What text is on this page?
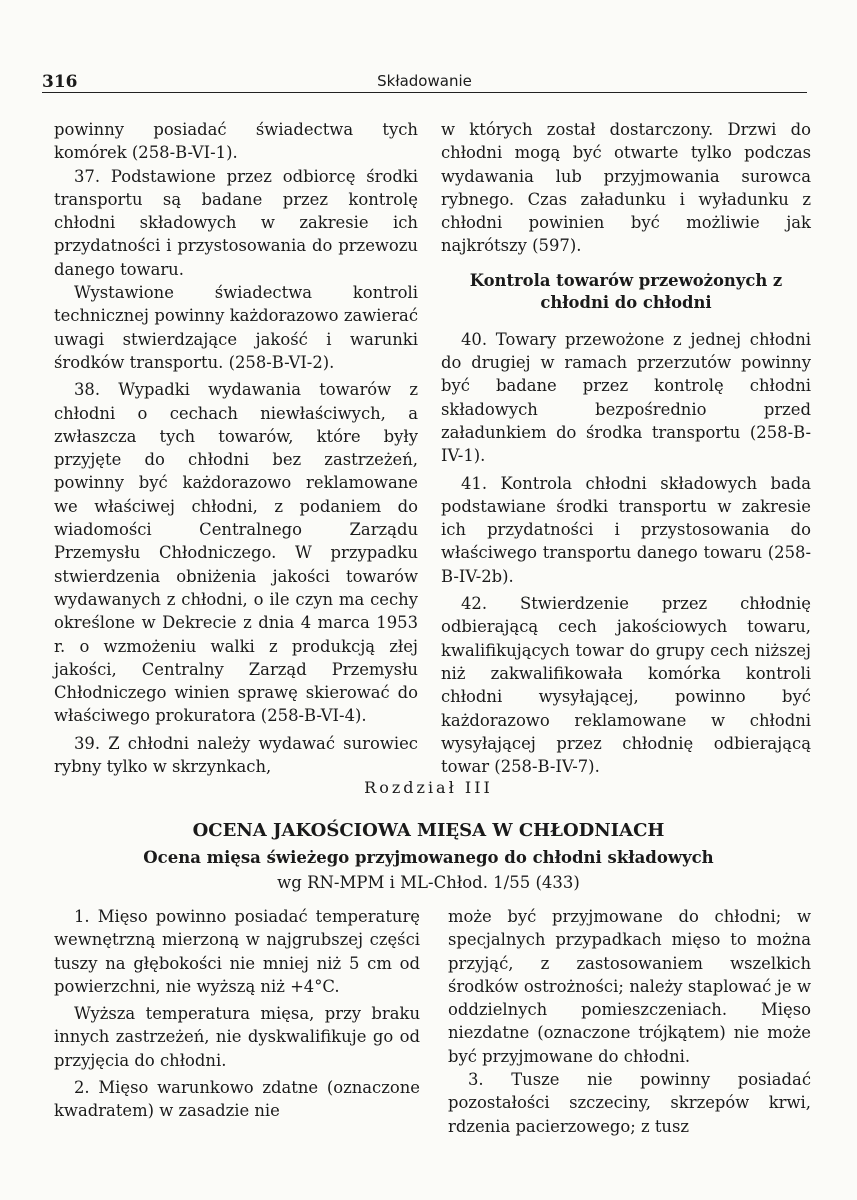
316	Składowanie

powinny posiadać świadectwa tych komórek (258-B-VI-1).

37. Podstawione przez odbiorcę środki transportu są badane przez kontrolę chłodni składowych w zakresie ich przydatności i przystosowania do przewozu danego towaru.

Wystawione świadectwa kontroli technicznej powinny każdorazowo zawierać uwagi stwierdzające jakość i warunki środków transportu. (258-B-VI-2).

38. Wypadki wydawania towarów z chłodni o cechach niewłaściwych, a zwłaszcza tych towarów, które były przyjęte do chłodni bez zastrzeżeń, powinny być każdorazowo reklamowane we właściwej chłodni, z podaniem do wiadomości Centralnego Zarządu Przemysłu Chłodniczego. W przypadku stwierdzenia obniżenia jakości towarów wydawanych z chłodni, o ile czyn ma cechy określone w Dekrecie z dnia 4 marca 1953 r. o wzmożeniu walki z produkcją złej jakości, Centralny Zarząd Przemysłu Chłodniczego winien sprawę skierować do właściwego prokuratora (258-B-VI-4).

39. Z chłodni należy wydawać surowiec rybny tylko w skrzynkach,

w których został dostarczony. Drzwi do chłodni mogą być otwarte tylko podczas wydawania lub przyjmowania surowca rybnego. Czas załadunku i wyładunku z chłodni powinien być możliwie jak najkrótszy (597).

Kontrola towarów przewożonych z chłodni do chłodni

40. Towary przewożone z jednej chłodni do drugiej w ramach przerzutów powinny być badane przez kontrolę chłodni składowych bezpośrednio przed załadunkiem do środka transportu (258-B-IV-1).

41. Kontrola chłodni składowych bada podstawiane środki transportu w zakresie ich przydatności i przystosowania do właściwego transportu danego towaru (258-B-IV-2b).

42. Stwierdzenie przez chłodnię odbierającą cech jakościowych towaru, kwalifikujących towar do grupy cech niższej niż zakwalifikowała komórka kontroli chłodni wysyłającej, powinno być każdorazowo reklamowane w chłodni wysyłającej przez chłodnię odbierającą towar (258-B-IV-7).

Rozdział III
OCENA JAKOŚCIOWA MIĘSA W CHŁODNIACH
Ocena mięsa świeżego przyjmowanego do chłodni składowych
wg RN-MPM i ML-Chłod. 1/55 (433)

1. Mięso powinno posiadać temperaturę wewnętrzną mierzoną w najgrubszej części tuszy na głębokości nie mniej niż 5 cm od powierzchni, nie wyższą niż +4°C.

Wyższa temperatura mięsa, przy braku innych zastrzeżeń, nie dyskwalifikuje go od przyjęcia do chłodni.

2. Mięso warunkowo zdatne (oznaczone kwadratem) w zasadzie nie

może być przyjmowane do chłodni; w specjalnych przypadkach mięso to można przyjąć, z zastosowaniem wszelkich środków ostrożności; należy staplować je w oddzielnych pomieszczeniach. Mięso niezdatne (oznaczone trójkątem) nie może być przyjmowane do chłodni.

3. Tusze nie powinny posiadać pozostałości szczeciny, skrzepów krwi, rdzenia pacierzowego; z tusz
